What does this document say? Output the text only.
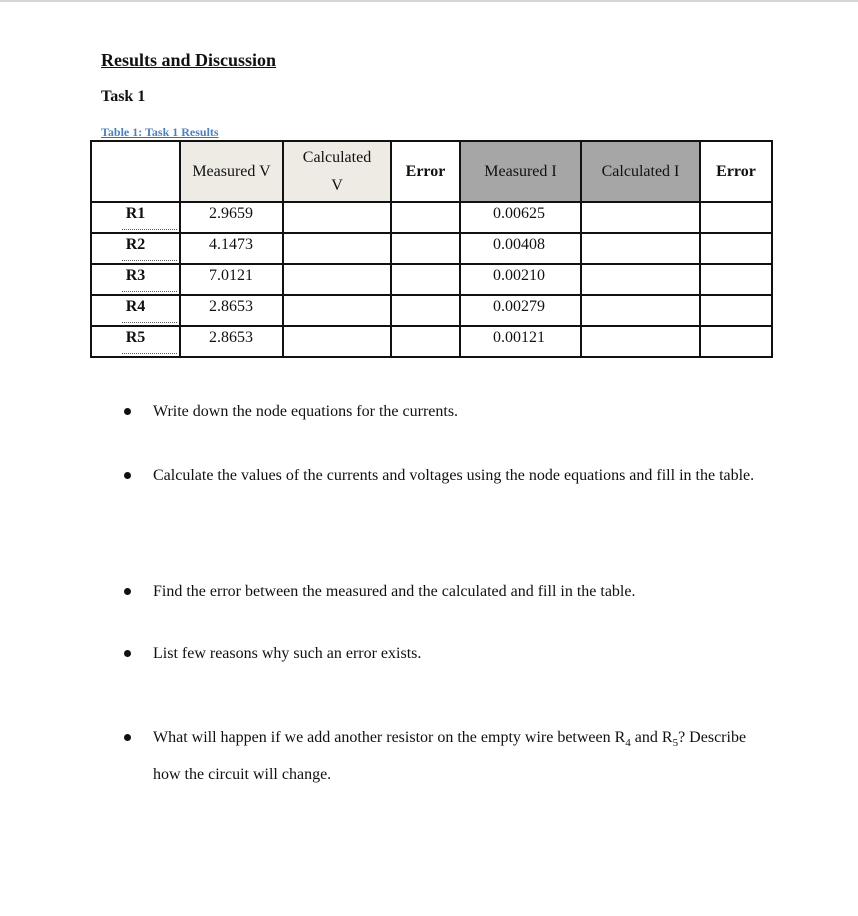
Results and Discussion
Task 1
Table 1: Task 1 Results
	Measured V	Calculated
V	Error	Measured I	Calculated I	Error

R1	2.9659			0.00625		

R2	4.1473			0.00408		

R3	7.0121			0.00210		

R4	2.8653			0.00279		

R5	2.8653			0.00121		

Write down the node equations for the currents.
Calculate the values of the currents and voltages using the node equations and fill in the table.
Find the error between the measured and the calculated and fill in the table.
List few reasons why such an error exists.
What will happen if we add another resistor on the empty wire between $R_4$ and $R_5$? Describe how the circuit will change.
